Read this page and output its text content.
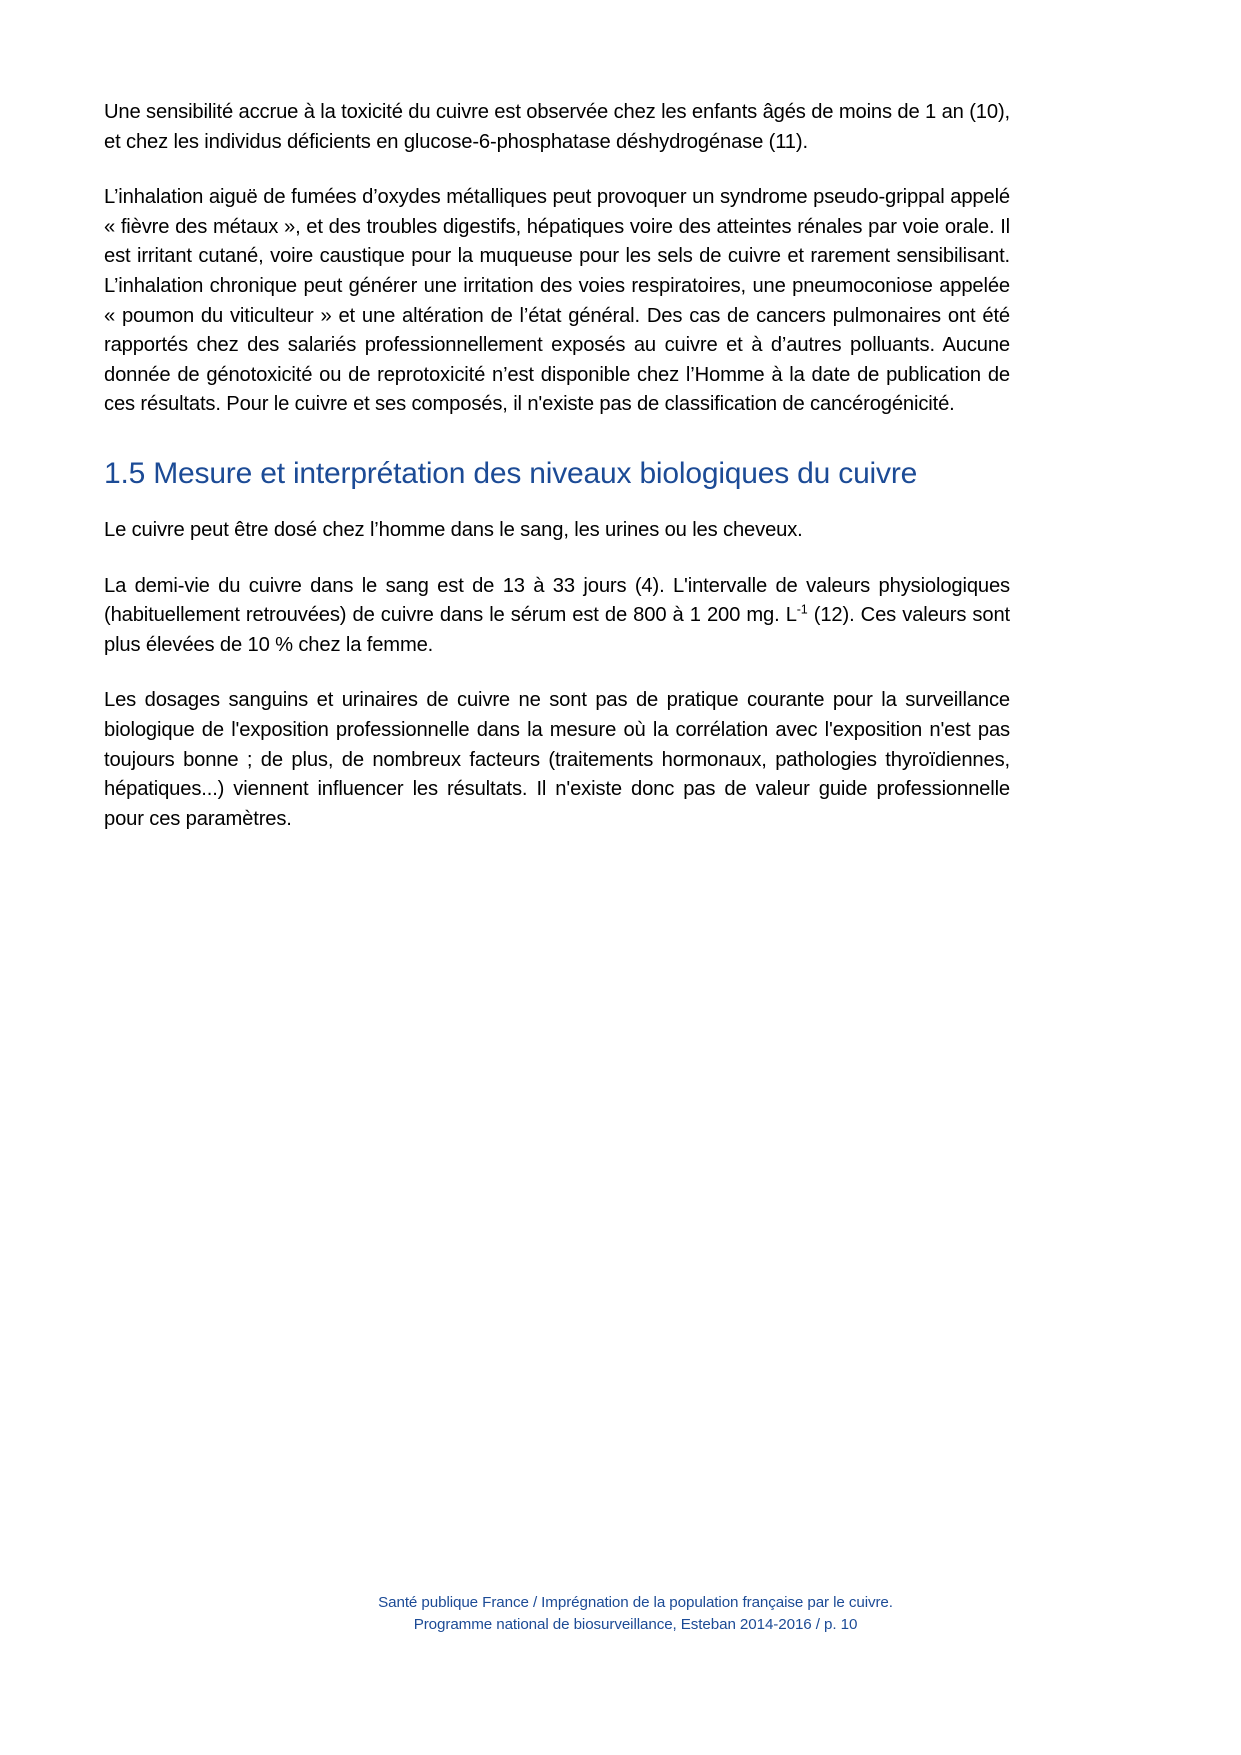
Une sensibilité accrue à la toxicité du cuivre est observée chez les enfants âgés de moins de 1 an (10), et chez les individus déficients en glucose-6-phosphatase déshydrogénase (11).

L’inhalation aiguë de fumées d’oxydes métalliques peut provoquer un syndrome pseudo-grippal appelé « fièvre des métaux », et des troubles digestifs, hépatiques voire des atteintes rénales par voie orale. Il est irritant cutané, voire caustique pour la muqueuse pour les sels de cuivre et rarement sensibilisant. L’inhalation chronique peut générer une irritation des voies respiratoires, une pneumoconiose appelée « poumon du viticulteur » et une altération de l’état général. Des cas de cancers pulmonaires ont été rapportés chez des salariés professionnellement exposés au cuivre et à d’autres polluants. Aucune donnée de génotoxicité ou de reprotoxicité n’est disponible chez l’Homme à la date de publication de ces résultats. Pour le cuivre et ses composés, il n'existe pas de classification de cancérogénicité.

1.5 Mesure et interprétation des niveaux biologiques du cuivre

Le cuivre peut être dosé chez l’homme dans le sang, les urines ou les cheveux.

La demi-vie du cuivre dans le sang est de 13 à 33 jours (4). L'intervalle de valeurs physiologiques (habituellement retrouvées) de cuivre dans le sérum est de 800 à 1 200 mg. $L^{-1}$ (12). Ces valeurs sont plus élevées de 10 % chez la femme.

Les dosages sanguins et urinaires de cuivre ne sont pas de pratique courante pour la surveillance biologique de l'exposition professionnelle dans la mesure où la corrélation avec l'exposition n'est pas toujours bonne ; de plus, de nombreux facteurs (traitements hormonaux, pathologies thyroïdiennes, hépatiques...) viennent influencer les résultats. Il n'existe donc pas de valeur guide professionnelle pour ces paramètres.

Santé publique France / Imprégnation de la population française par le cuivre.
Programme national de biosurveillance, Esteban 2014-2016 / p. 10
